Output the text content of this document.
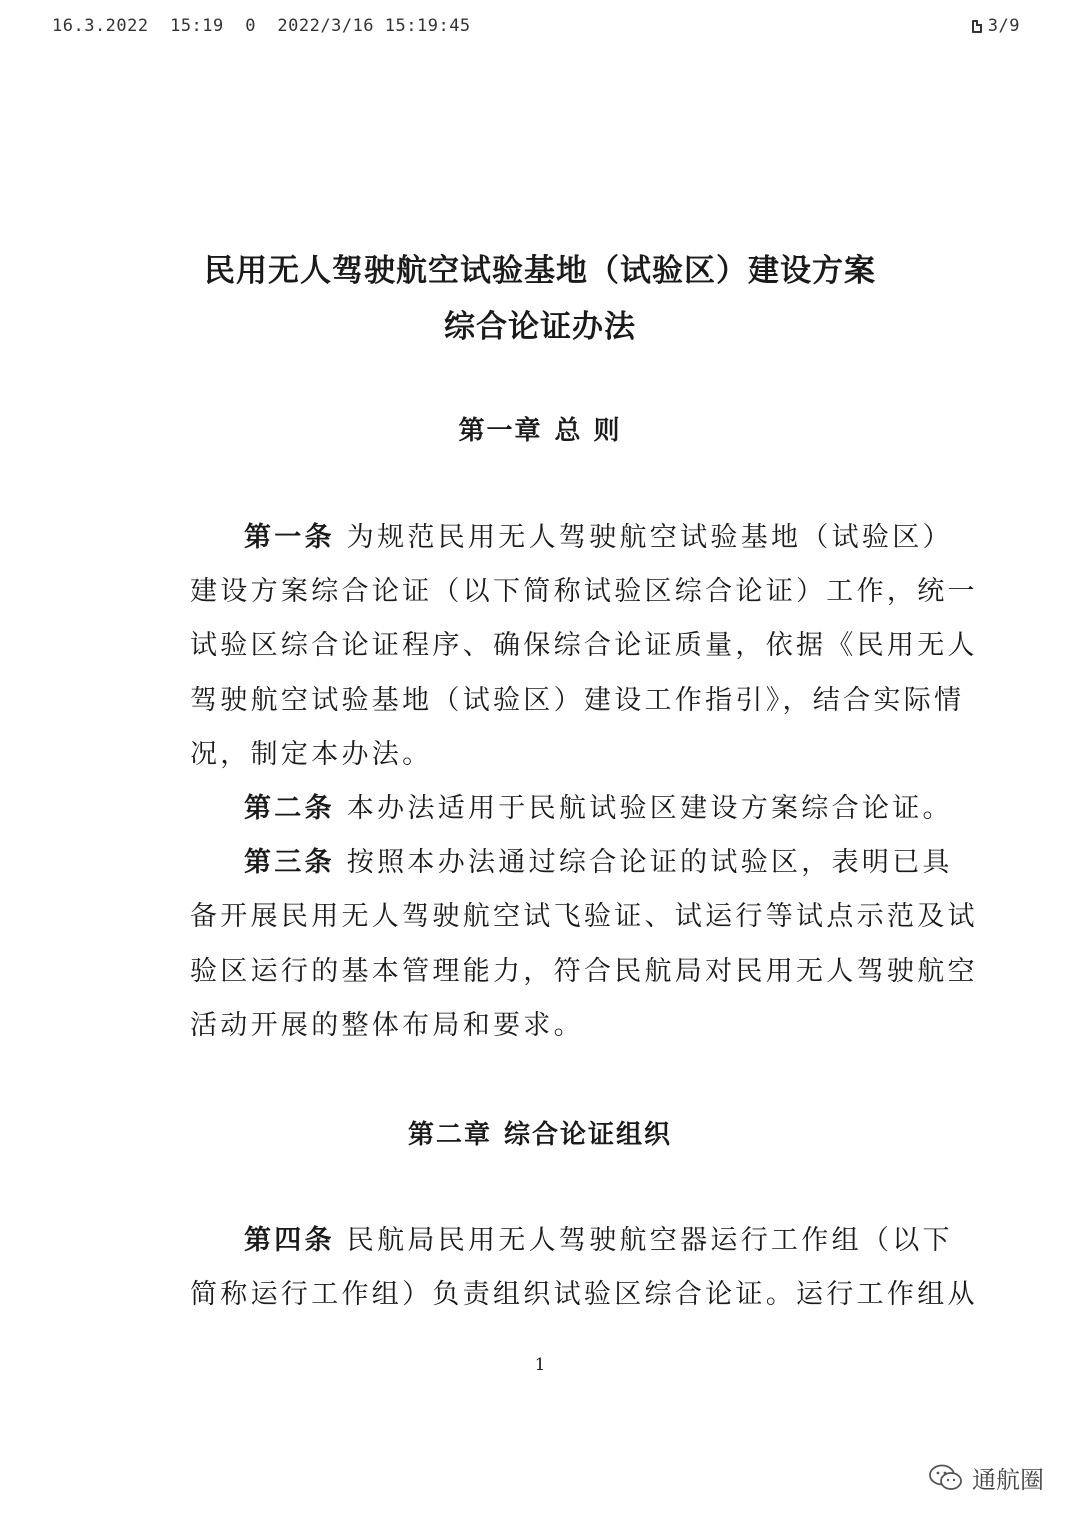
16.3.2022  15:19  0  2022/3/16 15:19:45	3/9
民用无人驾驶航空试验基地（试验区）建设方案
综合论证办法
第一章 总 则
第一条 为规范民用无人驾驶航空试验基地（试验区）
建设方案综合论证（以下简称试验区综合论证）工作，统一
试验区综合论证程序、确保综合论证质量，依据《民用无人
驾驶航空试验基地（试验区）建设工作指引》，结合实际情
况，制定本办法。
第二条 本办法适用于民航试验区建设方案综合论证。
第三条 按照本办法通过综合论证的试验区，表明已具
备开展民用无人驾驶航空试飞验证、试运行等试点示范及试
验区运行的基本管理能力，符合民航局对民用无人驾驶航空
活动开展的整体布局和要求。
第二章 综合论证组织
第四条 民航局民用无人驾驶航空器运行工作组（以下
简称运行工作组）负责组织试验区综合论证。运行工作组从
1
通航圈
